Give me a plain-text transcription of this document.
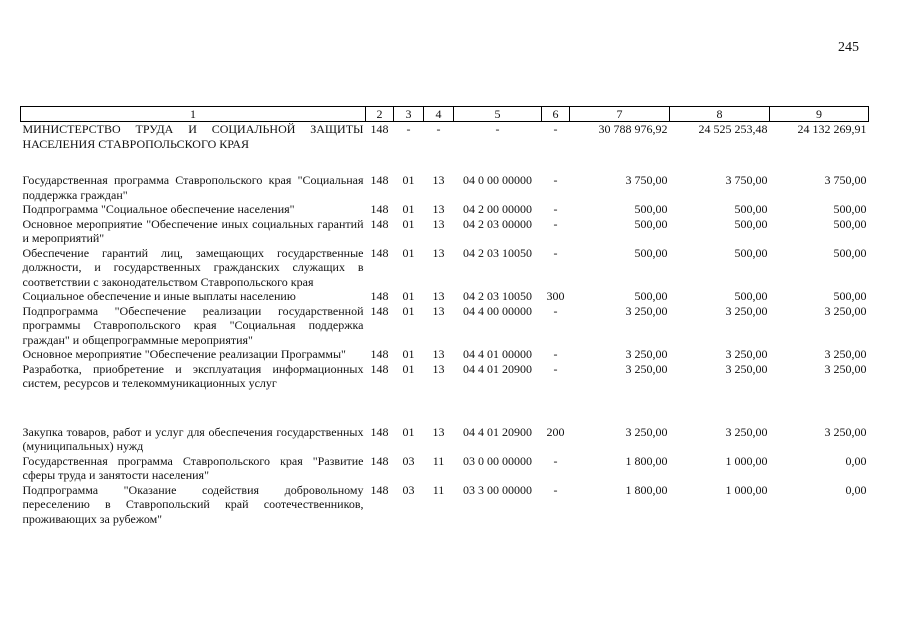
245
1	2	3	4	5	6	7	8	9
МИНИСТЕРСТВО ТРУДА И СОЦИАЛЬНОЙ ЗАЩИТЫ НАСЕЛЕНИЯ СТАВРОПОЛЬСКОГО КРАЯ	148	-	-	-	-	30 788 976,92	24 525 253,48	24 132 269,91
Государственная программа Ставропольского края "Социальная поддержка граждан"	148	01	13	04 0 00 00000	-	3 750,00	3 750,00	3 750,00
Подпрограмма "Социальное обеспечение населения"	148	01	13	04 2 00 00000	-	500,00	500,00	500,00
Основное мероприятие "Обеспечение иных социальных гарантий и мероприятий"	148	01	13	04 2 03 00000	-	500,00	500,00	500,00
Обеспечение гарантий лиц, замещающих государственные должности, и государственных гражданских служащих в соответствии с законодательством Ставропольского края	148	01	13	04 2 03 10050	-	500,00	500,00	500,00
Социальное обеспечение и иные выплаты населению	148	01	13	04 2 03 10050	300	500,00	500,00	500,00
Подпрограмма "Обеспечение реализации государственной программы Ставропольского края "Социальная поддержка граждан" и общепрограммные мероприятия"	148	01	13	04 4 00 00000	-	3 250,00	3 250,00	3 250,00
Основное мероприятие "Обеспечение реализации Программы"	148	01	13	04 4 01 00000	-	3 250,00	3 250,00	3 250,00
Разработка, приобретение и эксплуатация информационных систем, ресурсов и телекоммуникационных услуг	148	01	13	04 4 01 20900	-	3 250,00	3 250,00	3 250,00
Закупка товаров, работ и услуг для обеспечения государственных (муниципальных) нужд	148	01	13	04 4 01 20900	200	3 250,00	3 250,00	3 250,00
Государственная программа Ставропольского края "Развитие сферы труда и занятости населения"	148	03	11	03 0 00 00000	-	1 800,00	1 000,00	0,00
Подпрограмма "Оказание содействия добровольному переселению в Ставропольский край соотечественников, проживающих за рубежом"	148	03	11	03 3 00 00000	-	1 800,00	1 000,00	0,00
